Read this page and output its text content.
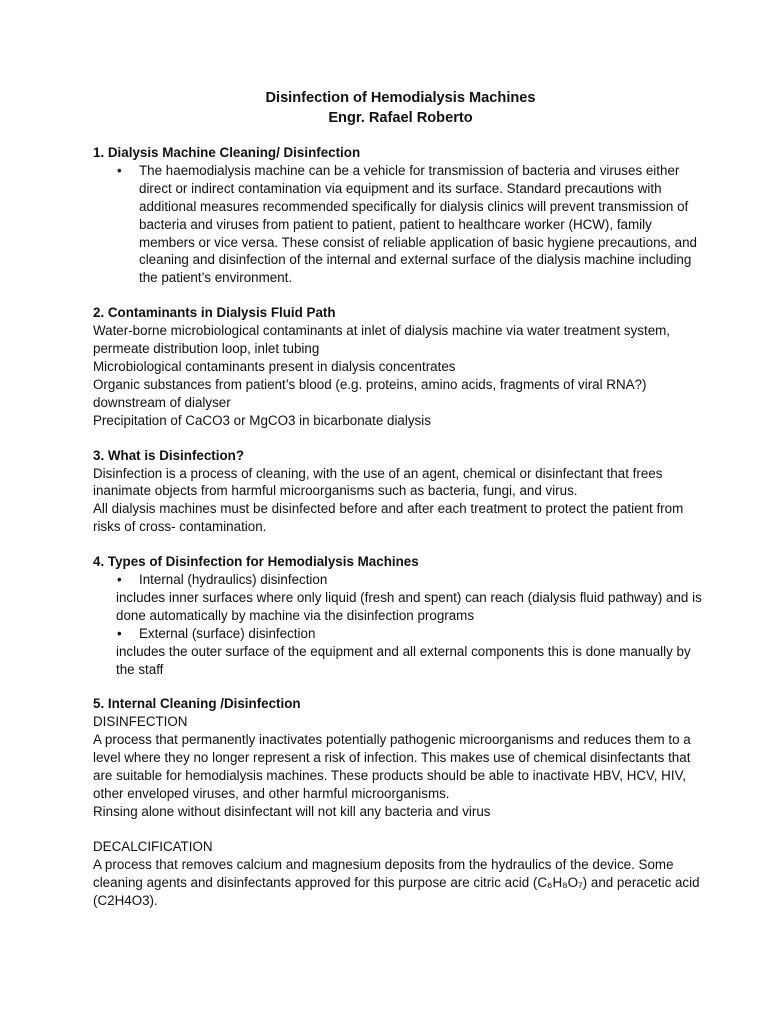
Disinfection of Hemodialysis Machines

Engr. Rafael Roberto

1. Dialysis Machine Cleaning/ Disinfection
• The haemodialysis machine can be a vehicle for transmission of bacteria and viruses either direct or indirect contamination via equipment and its surface. Standard precautions with additional measures recommended specifically for dialysis clinics will prevent transmission of bacteria and viruses from patient to patient, patient to healthcare worker (HCW), family members or vice versa. These consist of reliable application of basic hygiene precautions, and cleaning and disinfection of the internal and external surface of the dialysis machine including the patient’s environment.
2. Contaminants in Dialysis Fluid Path

Water-borne microbiological contaminants at inlet of dialysis machine via water treatment system, permeate distribution loop, inlet tubing

Microbiological contaminants present in dialysis concentrates

Organic substances from patient’s blood (e.g. proteins, amino acids, fragments of viral RNA?) downstream of dialyser

Precipitation of CaCO3 or MgCO3 in bicarbonate dialysis

3. What is Disinfection?

Disinfection is a process of cleaning, with the use of an agent, chemical or disinfectant that frees inanimate objects from harmful microorganisms such as bacteria, fungi, and virus.

All dialysis machines must be disinfected before and after each treatment to protect the patient from risks of cross- contamination.

4. Types of Disinfection for Hemodialysis Machines
• Internal (hydraulics) disinfection

includes inner surfaces where only liquid (fresh and spent) can reach (dialysis fluid pathway) and is done automatically by machine via the disinfection programs

• External (surface) disinfection

includes the outer surface of the equipment and all external components this is done manually by the staff

5. Internal Cleaning /Disinfection

DISINFECTION

A process that permanently inactivates potentially pathogenic microorganisms and reduces them to a level where they no longer represent a risk of infection. This makes use of chemical disinfectants that are suitable for hemodialysis machines. These products should be able to inactivate HBV, HCV, HIV, other enveloped viruses, and other harmful microorganisms.

Rinsing alone without disinfectant will not kill any bacteria and virus

DECALCIFICATION

A process that removes calcium and magnesium deposits from the hydraulics of the device. Some cleaning agents and disinfectants approved for this purpose are citric acid (C₆H₈O₇) and peracetic acid (C2H4O3).
